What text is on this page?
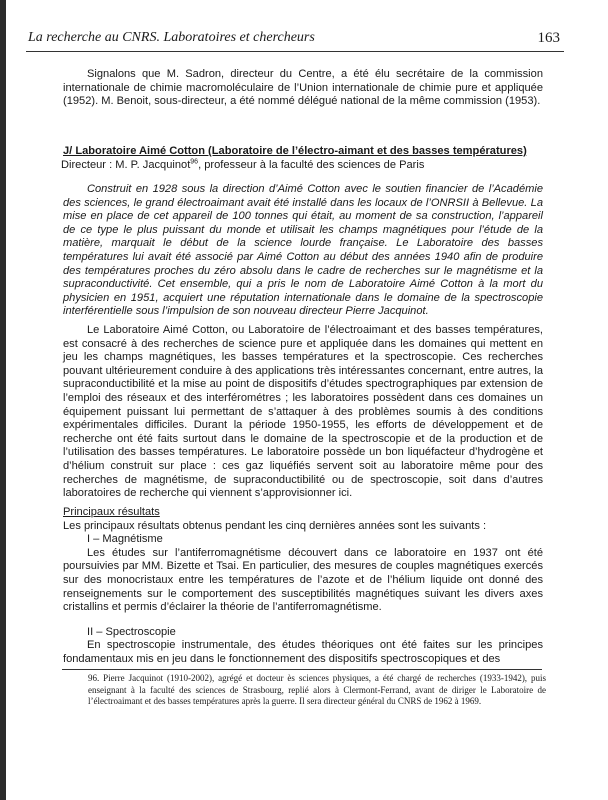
La recherche au CNRS. Laboratoires et chercheurs	163

Signalons que M. Sadron, directeur du Centre, a été élu secrétaire de la commission internationale de chimie macromoléculaire de l’Union internationale de chimie pure et appliquée (1952). M. Benoit, sous-directeur, a été nommé délégué national de la même commission (1953).

J/ Laboratoire Aimé Cotton (Laboratoire de l’électro-aimant et des basses températures)

Directeur : M. P. Jacquinot$^{96}$, professeur à la faculté des sciences de Paris

Construit en 1928 sous la direction d’Aimé Cotton avec le soutien financier de l’Académie des sciences, le grand électroaimant avait été installé dans les locaux de l’ONRSII à Bellevue. La mise en place de cet appareil de 100 tonnes qui était, au moment de sa construction, l’appareil de ce type le plus puissant du monde et utilisait les champs magnétiques pour l’étude de la matière, marquait le début de la science lourde française. Le Laboratoire des basses températures lui avait été associé par Aimé Cotton au début des années 1940 afin de produire des températures proches du zéro absolu dans le cadre de recherches sur le magnétisme et la supraconductivité. Cet ensemble, qui a pris le nom de Laboratoire Aimé Cotton à la mort du physicien en 1951, acquiert une réputation internationale dans le domaine de la spectroscopie interférentielle sous l’impulsion de son nouveau directeur Pierre Jacquinot.

Le Laboratoire Aimé Cotton, ou Laboratoire de l’électroaimant et des basses températures, est consacré à des recherches de science pure et appliquée dans les domaines qui mettent en jeu les champs magnétiques, les basses températures et la spectroscopie. Ces recherches pouvant ultérieurement conduire à des applications très intéressantes concernant, entre autres, la supraconductibilité et la mise au point de dispositifs d’études spectrographiques par extension de l’emploi des réseaux et des interférométres ; les laboratoires possèdent dans ces domaines un équipement puissant lui permettant de s’attaquer à des problèmes soumis à des conditions expérimentales difficiles. Durant la période 1950-1955, les efforts de développement et de recherche ont été faits surtout dans le domaine de la spectroscopie et de la production et de l’utilisation des basses températures. Le laboratoire possède un bon liquéfacteur d’hydrogène et d’hélium construit sur place : ces gaz liquéfiés servent soit au laboratoire même pour des recherches de magnétisme, de supraconductibilité ou de spectroscopie, soit dans d’autres laboratoires de recherche qui viennent s’approvisionner ici.

Principaux résultats

Les principaux résultats obtenus pendant les cinq dernières années sont les suivants :

I – Magnétisme

Les études sur l’antiferromagnétisme découvert dans ce laboratoire en 1937 ont été poursuivies par MM. Bizette et Tsai. En particulier, des mesures de couples magnétiques exercés sur des monocristaux entre les températures de l’azote et de l’hélium liquide ont donné des renseignements sur le comportement des susceptibilités magnétiques suivant les divers axes cristallins et permis d’éclairer la théorie de l’antiferromagnétisme.

II – Spectroscopie

En spectroscopie instrumentale, des études théoriques ont été faites sur les principes fondamentaux mis en jeu dans le fonctionnement des dispositifs spectroscopiques et des

96. Pierre Jacquinot (1910-2002), agrégé et docteur ès sciences physiques, a été chargé de recherches (1933-1942), puis enseignant à la faculté des sciences de Strasbourg, replié alors à Clermont-Ferrand, avant de diriger le Laboratoire de l’électroaimant et des basses températures après la guerre. Il sera directeur général du CNRS de 1962 à 1969.
